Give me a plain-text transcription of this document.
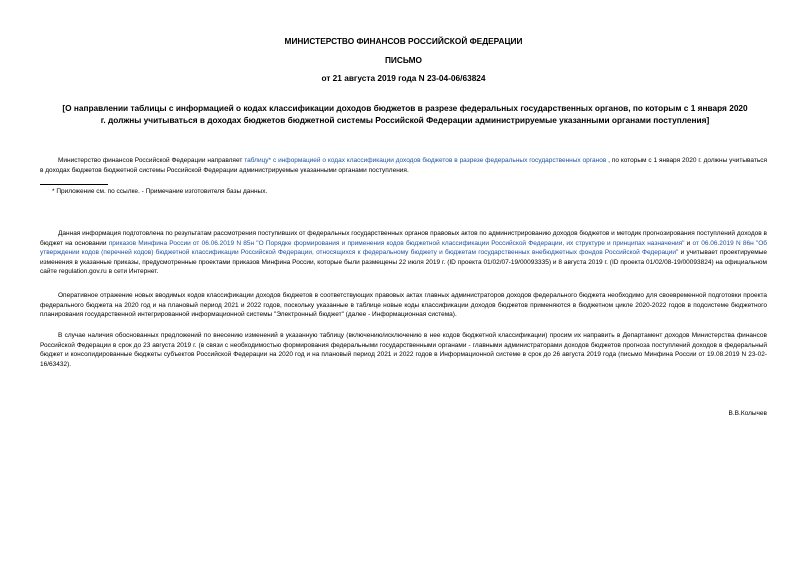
МИНИСТЕРСТВО ФИНАНСОВ РОССИЙСКОЙ ФЕДЕРАЦИИ
ПИСЬМО
от 21 августа 2019 года N 23-04-06/63824
[О направлении таблицы с информацией о кодах классификации доходов бюджетов в разрезе федеральных государственных органов, по которым с 1 января 2020 г. должны учитываться в доходах бюджетов бюджетной системы Российской Федерации администрируемые указанными органами поступления]
Министерство финансов Российской Федерации направляет таблицу* с информацией о кодах классификации доходов бюджетов в разрезе федеральных государственных органов , по которым с 1 января 2020 г. должны учитываться в доходах бюджетов бюджетной системы Российской Федерации администрируемые указанными органами поступления.
* Приложение см. по ссылке. - Примечание изготовителя базы данных.
Данная информация подготовлена по результатам рассмотрения поступивших от федеральных государственных органов правовых актов по администрированию доходов бюджетов и методик прогнозирования поступлений доходов в бюджет на основании приказов Минфина России от 06.06.2019 N 85н "О Порядке формирования и применения кодов бюджетной классификации Российской Федерации, их структуре и принципах назначения" и от 06.06.2019 N 86н "Об утверждении кодов (перечней кодов) бюджетной классификации Российской Федерации, относящихся к федеральному бюджету и бюджетам государственных внебюджетных фондов Российской Федерации" и учитывает проектируемые изменения в указанные приказы, предусмотренные проектами приказов Минфина России, которые были размещены 22 июля 2019 г. (ID проекта 01/02/07-19/00093335) и 8 августа 2019 г. (ID проекта 01/02/08-19/00093824) на официальном сайте regulation.gov.ru в сети Интернет.
Оперативное отражение новых вводимых кодов классификации доходов бюджетов в соответствующих правовых актах главных администраторов доходов федерального бюджета необходимо для своевременной подготовки проекта федерального бюджета на 2020 год и на плановый период 2021 и 2022 годов, поскольку указанные в таблице новые коды классификации доходов бюджетов применяются в бюджетном цикле 2020-2022 годов в подсистеме бюджетного планирования государственной интегрированной информационной системы "Электронный бюджет" (далее - Информационная система).
В случае наличия обоснованных предложений по внесению изменений в указанную таблицу (включению/исключению в нее кодов бюджетной классификации) просим их направить в Департамент доходов Министерства финансов Российской Федерации в срок до 23 августа 2019 г. (в связи с необходимостью формирования федеральными государственными органами - главными администраторами доходов бюджетов прогноза поступлений доходов в федеральный бюджет и консолидированные бюджеты субъектов Российской Федерации на 2020 год и на плановый период 2021 и 2022 годов в Информационной системе в срок до 26 августа 2019 года (письмо Минфина России от 19.08.2019 N 23-02-16/63432).
В.В.Колычев
